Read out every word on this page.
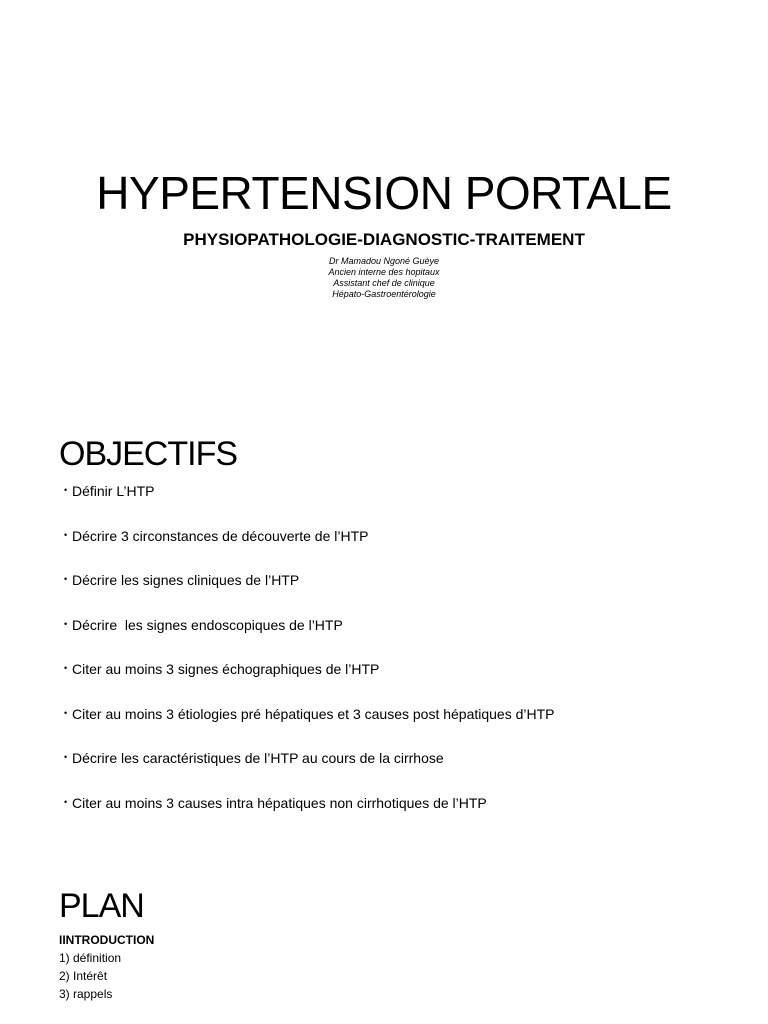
HYPERTENSION PORTALE
PHYSIOPATHOLOGIE-DIAGNOSTIC-TRAITEMENT
Dr Mamadou Ngoné Guèye
Ancien interne des hopitaux
Assistant chef de clinique
Hépato-Gastroentérologie
OBJECTIFS
• Définir L’HTP
• Décrire 3 circonstances de découverte de l’HTP
• Décrire les signes cliniques de l’HTP
• Décrire  les signes endoscopiques de l’HTP
• Citer au moins 3 signes échographiques de l’HTP
• Citer au moins 3 étiologies pré hépatiques et 3 causes post hépatiques d’HTP
• Décrire les caractéristiques de l’HTP au cours de la cirrhose
• Citer au moins 3 causes intra hépatiques non cirrhotiques de l’HTP
PLAN
IINTRODUCTION
1) définition
2) Intérêt
3) rappels
